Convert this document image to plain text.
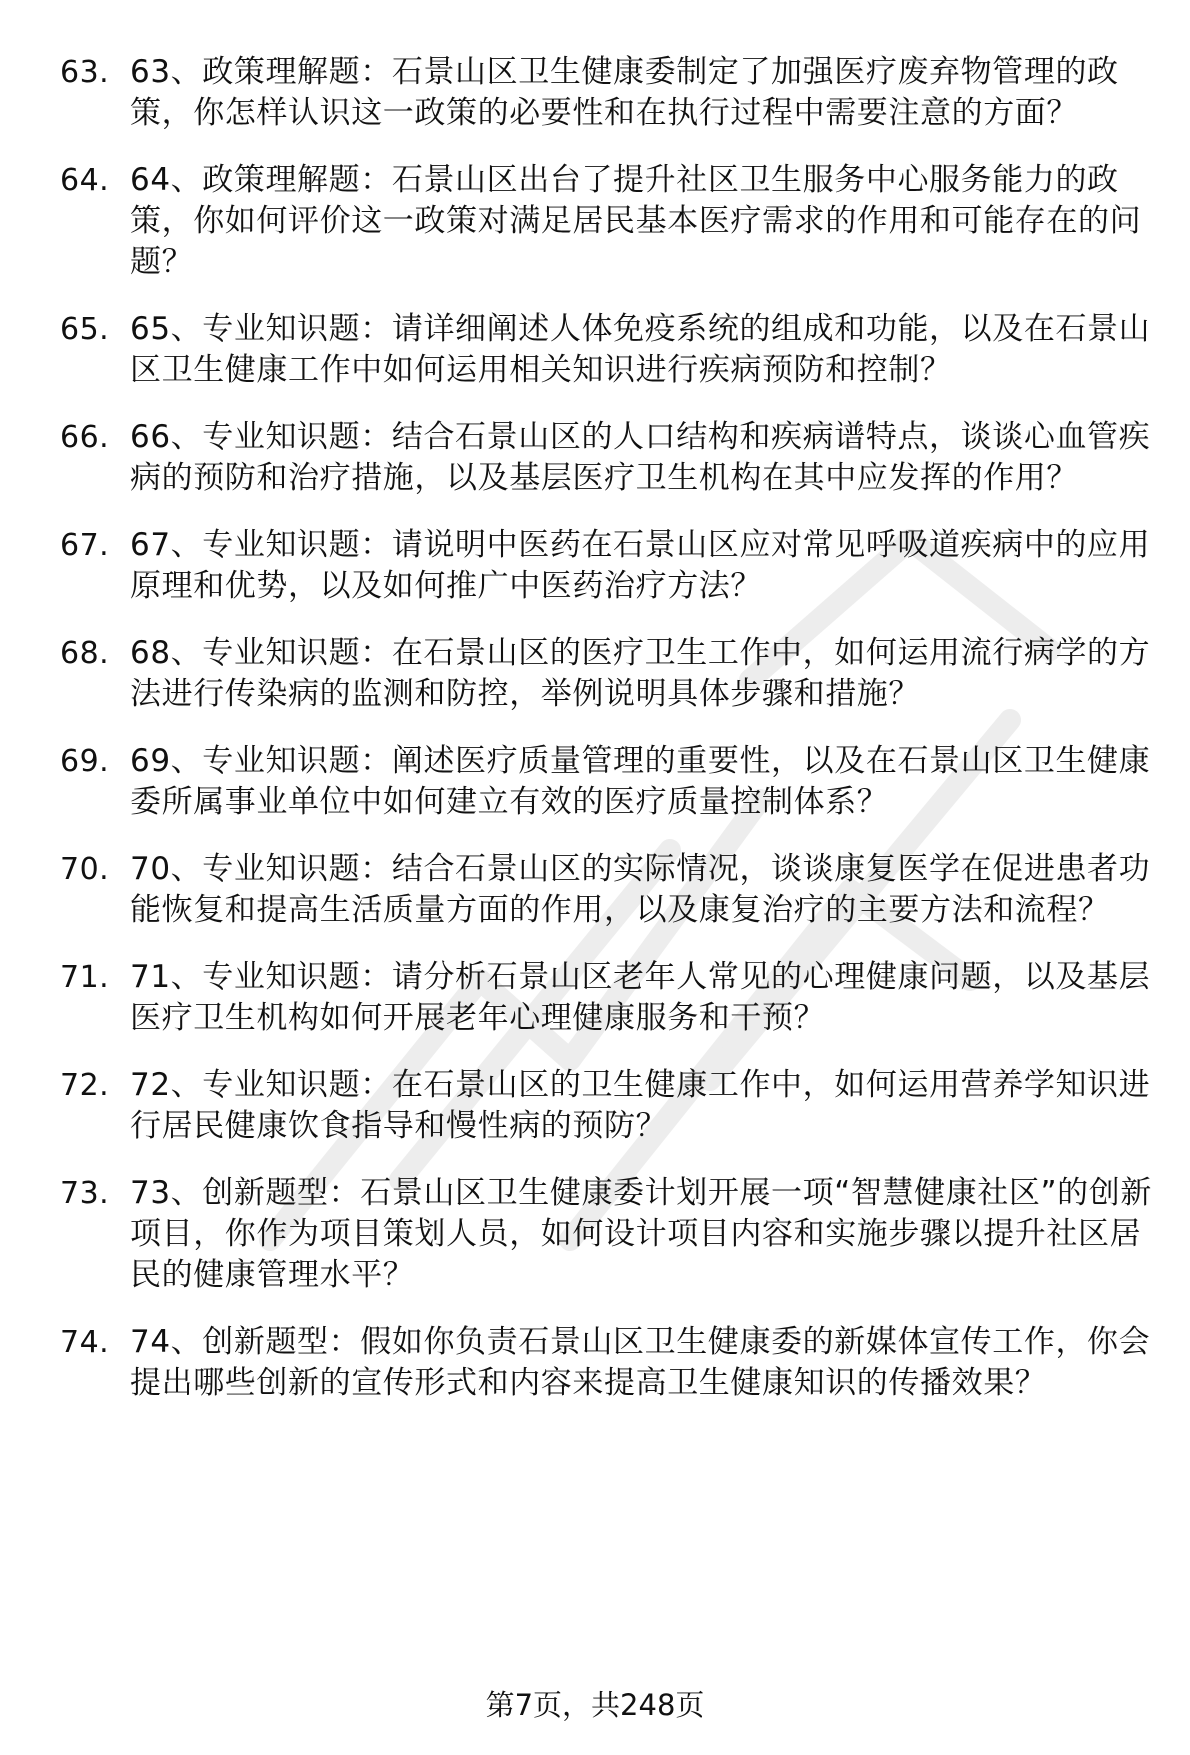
63. 63、政策理解题：石景山区卫生健康委制定了加强医疗废弃物管理的政策，你怎样认识这一政策的必要性和在执行过程中需要注意的方面？
64. 64、政策理解题：石景山区出台了提升社区卫生服务中心服务能力的政策，你如何评价这一政策对满足居民基本医疗需求的作用和可能存在的问题？
65. 65、专业知识题：请详细阐述人体免疫系统的组成和功能，以及在石景山区卫生健康工作中如何运用相关知识进行疾病预防和控制？
66. 66、专业知识题：结合石景山区的人口结构和疾病谱特点，谈谈心血管疾病的预防和治疗措施，以及基层医疗卫生机构在其中应发挥的作用？
67. 67、专业知识题：请说明中医药在石景山区应对常见呼吸道疾病中的应用原理和优势，以及如何推广中医药治疗方法？
68. 68、专业知识题：在石景山区的医疗卫生工作中，如何运用流行病学的方法进行传染病的监测和防控，举例说明具体步骤和措施？
69. 69、专业知识题：阐述医疗质量管理的重要性，以及在石景山区卫生健康委所属事业单位中如何建立有效的医疗质量控制体系？
70. 70、专业知识题：结合石景山区的实际情况，谈谈康复医学在促进患者功能恢复和提高生活质量方面的作用，以及康复治疗的主要方法和流程？
71. 71、专业知识题：请分析石景山区老年人常见的心理健康问题，以及基层医疗卫生机构如何开展老年心理健康服务和干预？
72. 72、专业知识题：在石景山区的卫生健康工作中，如何运用营养学知识进行居民健康饮食指导和慢性病的预防？
73. 73、创新题型：石景山区卫生健康委计划开展一项“智慧健康社区”的创新项目，你作为项目策划人员，如何设计项目内容和实施步骤以提升社区居民的健康管理水平？
74. 74、创新题型：假如你负责石景山区卫生健康委的新媒体宣传工作，你会提出哪些创新的宣传形式和内容来提高卫生健康知识的传播效果？
第7页，共248页
